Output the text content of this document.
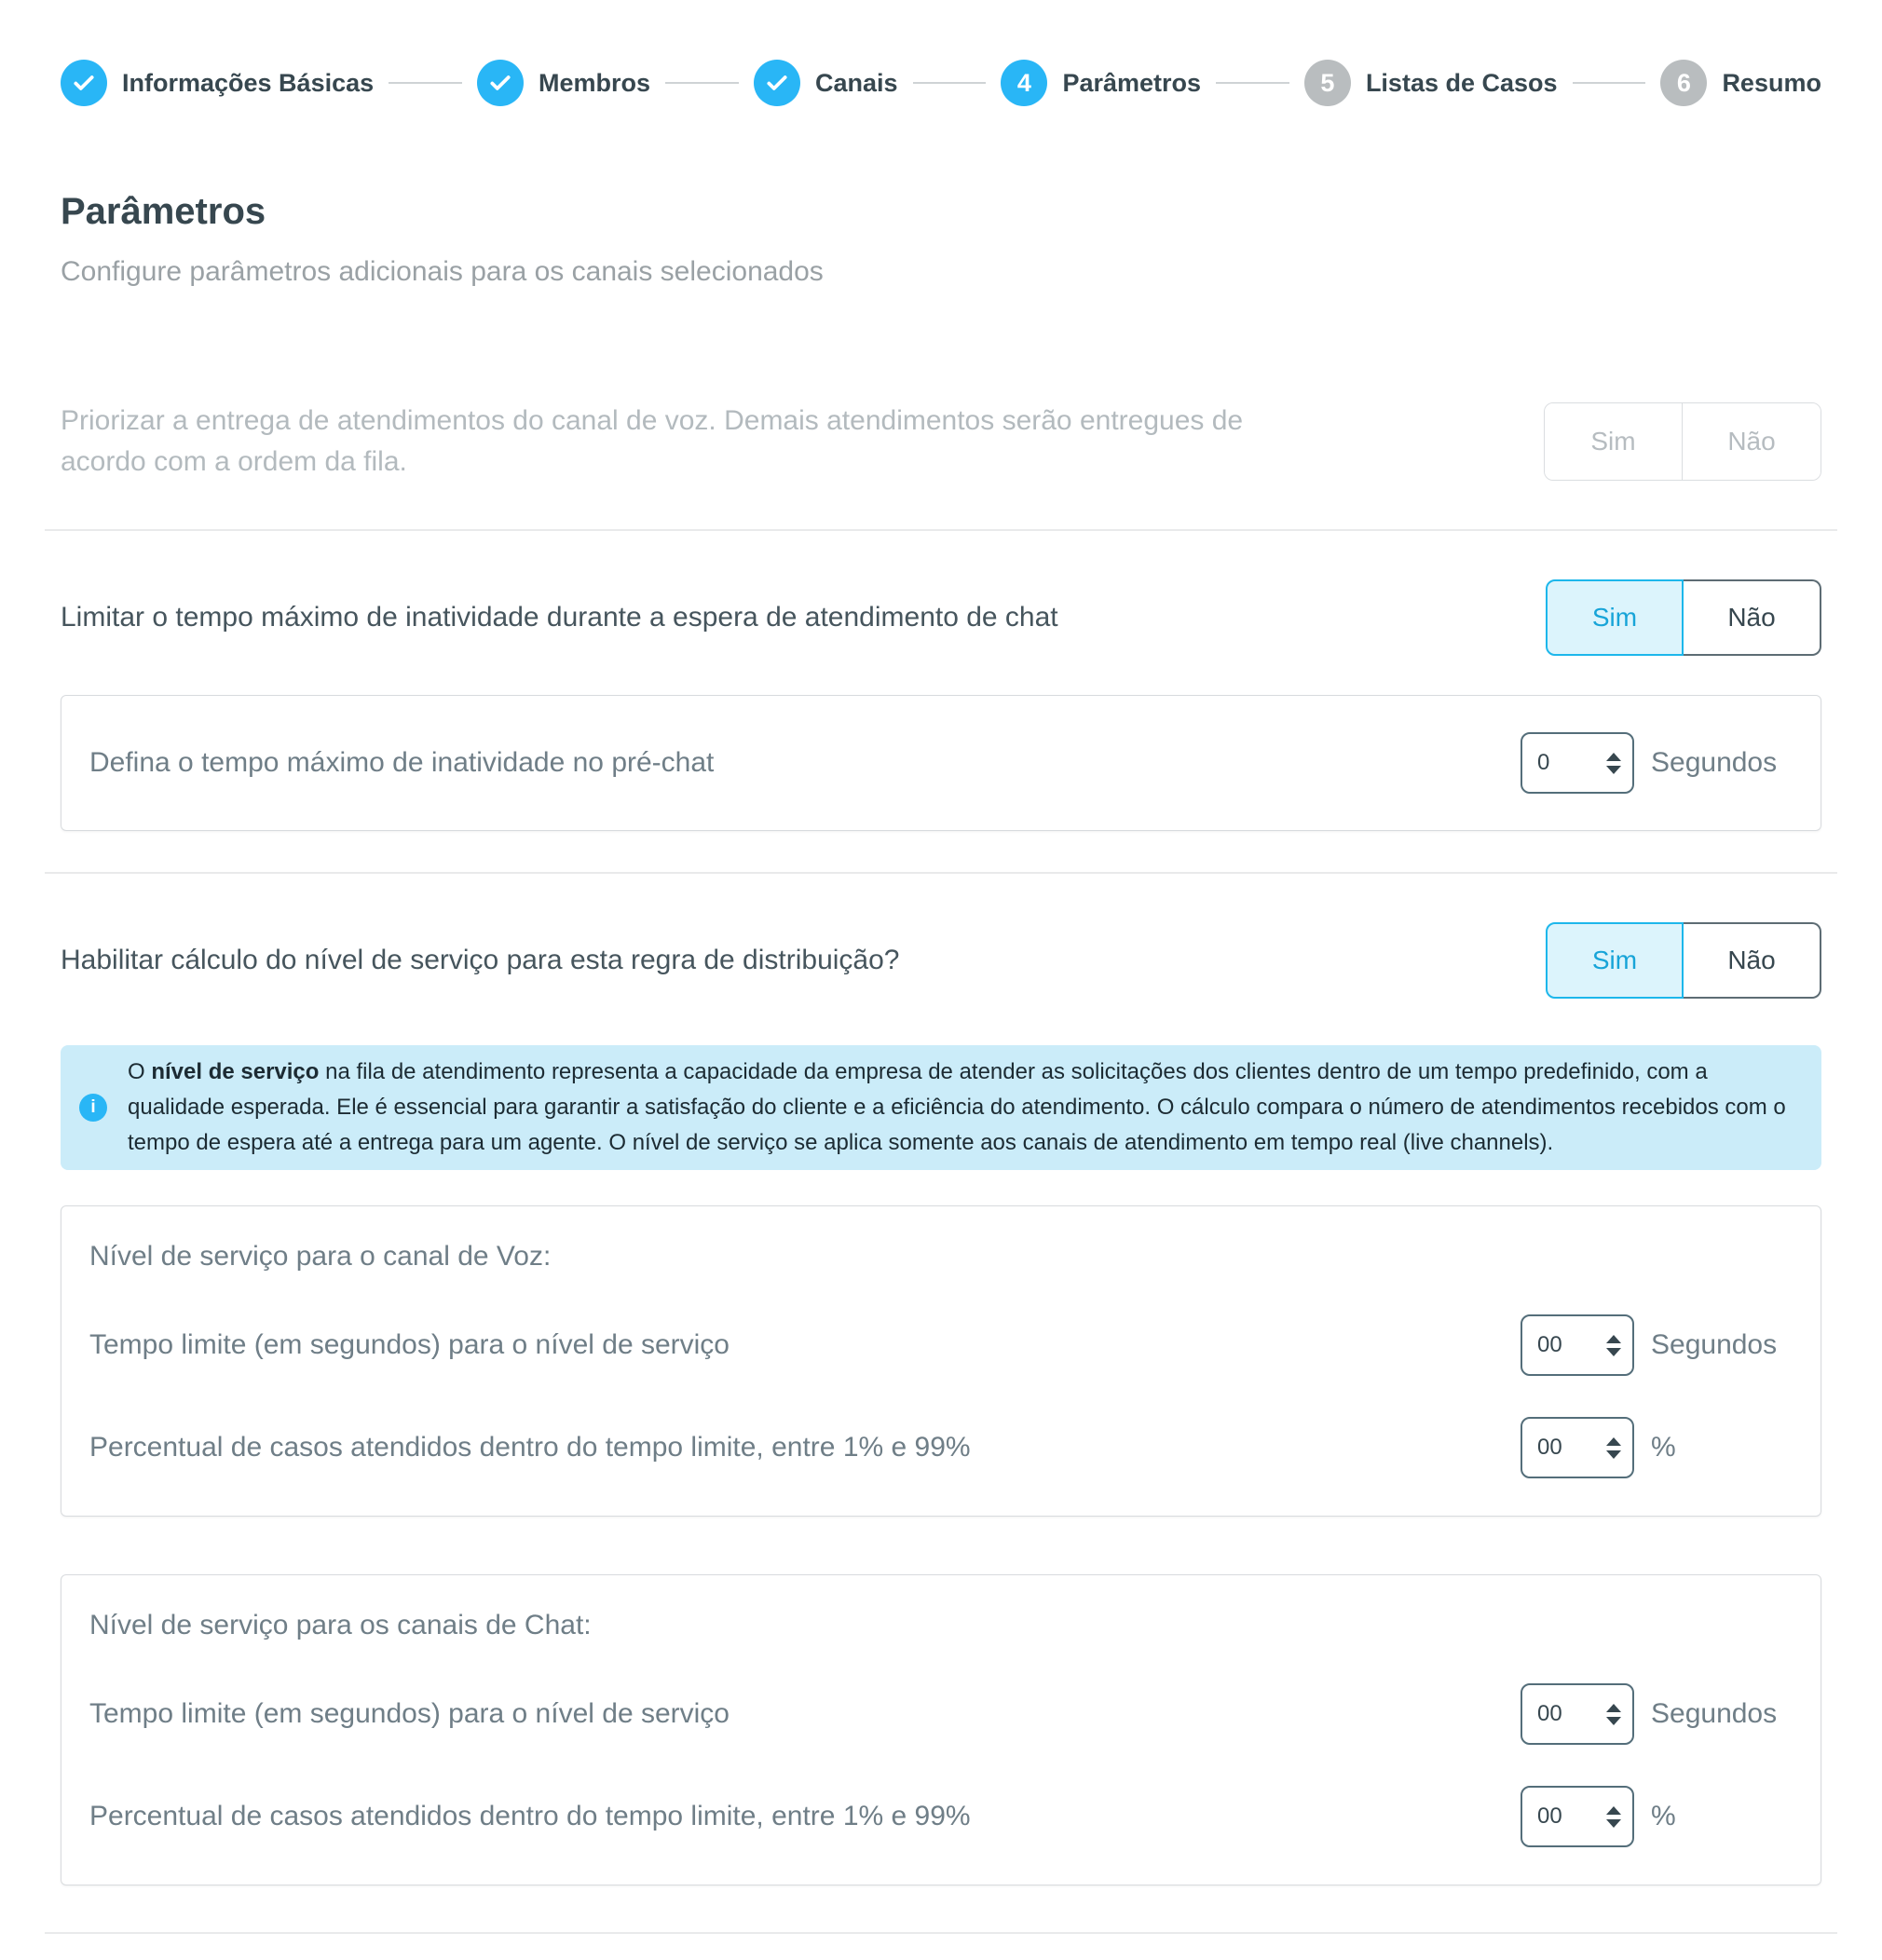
Informações Básicas	Membros	Canais	4	Parâmetros	5	Listas de Casos	6	Resumo
Parâmetros
Configure parâmetros adicionais para os canais selecionados
Priorizar a entrega de atendimentos do canal de voz. Demais atendimentos serão entregues de acordo com a ordem da fila.
Sim	Não
Limitar o tempo máximo de inatividade durante a espera de atendimento de chat	Sim	Não
Defina o tempo máximo de inatividade no pré-chat	0	Segundos
Habilitar cálculo do nível de serviço para esta regra de distribuição?	Sim	Não
i
O nível de serviço na fila de atendimento representa a capacidade da empresa de atender as solicitações dos clientes dentro de um tempo predefinido, com a qualidade esperada. Ele é essencial para garantir a satisfação do cliente e a eficiência do atendimento. O cálculo compara o número de atendimentos recebidos com o tempo de espera até a entrega para um agente. O nível de serviço se aplica somente aos canais de atendimento em tempo real (live channels).
Nível de serviço para o canal de Voz:
Tempo limite (em segundos) para o nível de serviço	00	Segundos
Percentual de casos atendidos dentro do tempo limite, entre 1% e 99%	00	%
Nível de serviço para os canais de Chat:
Tempo limite (em segundos) para o nível de serviço	00	Segundos
Percentual de casos atendidos dentro do tempo limite, entre 1% e 99%	00	%
